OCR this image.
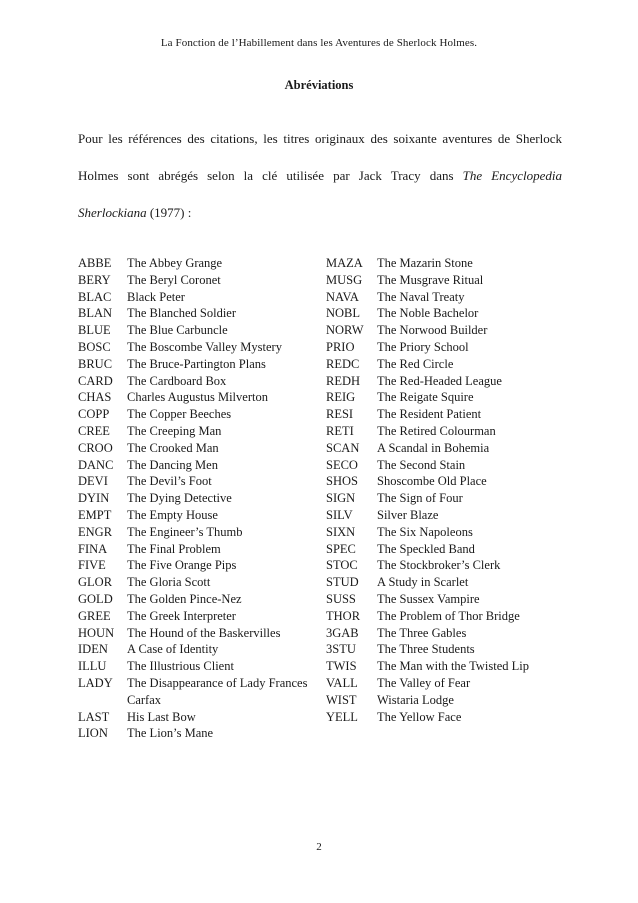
La Fonction de l’Habillement dans les Aventures de Sherlock Holmes.
Abréviations

Pour les références des citations, les titres originaux des soixante aventures de Sherlock Holmes sont abrégés selon la clé utilisée par Jack Tracy dans The Encyclopedia Sherlockiana (1977) :

ABBE The Abbey Grange
BERY The Beryl Coronet
BLAC Black Peter
BLAN The Blanched Soldier
BLUE The Blue Carbuncle
BOSC The Boscombe Valley Mystery
BRUC The Bruce-Partington Plans
CARD The Cardboard Box
CHAS Charles Augustus Milverton
COPP The Copper Beeches
CREE The Creeping Man
CROO The Crooked Man
DANC The Dancing Men
DEVI The Devil’s Foot
DYIN The Dying Detective
EMPT The Empty House
ENGR The Engineer’s Thumb
FINA The Final Problem
FIVE The Five Orange Pips
GLOR The Gloria Scott
GOLD The Golden Pince-Nez
GREE The Greek Interpreter
HOUN The Hound of the Baskervilles
IDEN A Case of Identity
ILLU The Illustrious Client
LADY The Disappearance of Lady Frances
Carfax
LAST His Last Bow
LION The Lion’s Mane
MAZA The Mazarin Stone
MUSG The Musgrave Ritual
NAVA The Naval Treaty
NOBL The Noble Bachelor
NORW The Norwood Builder
PRIO The Priory School
REDC The Red Circle
REDH The Red-Headed League
REIG The Reigate Squire
RESI The Resident Patient
RETI The Retired Colourman
SCAN A Scandal in Bohemia
SECO The Second Stain
SHOS Shoscombe Old Place
SIGN The Sign of Four
SILV Silver Blaze
SIXN The Six Napoleons
SPEC The Speckled Band
STOC The Stockbroker’s Clerk
STUD A Study in Scarlet
SUSS The Sussex Vampire
THOR The Problem of Thor Bridge
3GAB The Three Gables
3STU The Three Students
TWIS The Man with the Twisted Lip
VALL The Valley of Fear
WIST Wistaria Lodge
YELL The Yellow Face
2
